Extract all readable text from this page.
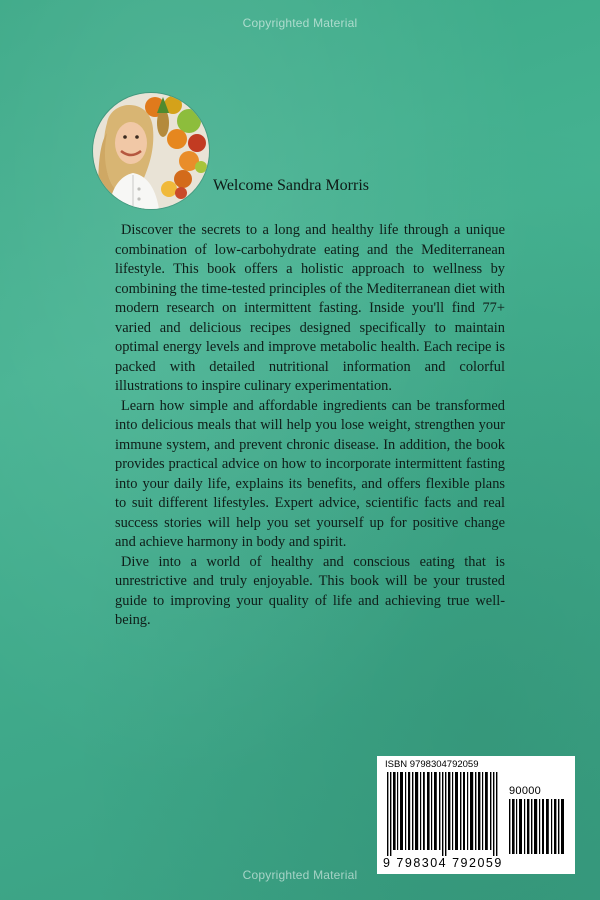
Copyrighted Material
Welcome Sandra Morris

Discover the secrets to a long and healthy life through a unique combination of low-carbohydrate eating and the Mediterranean lifestyle. This book offers a holistic approach to wellness by combining the time-tested principles of the Mediterranean diet with modern research on intermittent fasting. Inside you'll find 77+ varied and delicious recipes designed specifically to maintain optimal energy levels and improve metabolic health. Each recipe is packed with detailed nutritional information and colorful illustrations to inspire culinary experimentation.

Learn how simple and affordable ingredients can be transformed into delicious meals that will help you lose weight, strengthen your immune system, and prevent chronic disease. In addition, the book provides practical advice on how to incorporate intermittent fasting into your daily life, explains its benefits, and offers flexible plans to suit different lifestyles. Expert advice, scientific facts and real success stories will help you set yourself up for positive change and achieve harmony in body and spirit.

Dive into a world of healthy and conscious eating that is unrestrictive and truly enjoyable. This book will be your trusted guide to improving your quality of life and achieving true well-being.

ISBN 9798304792059
90000
9 798304 792059
Copyrighted Material
